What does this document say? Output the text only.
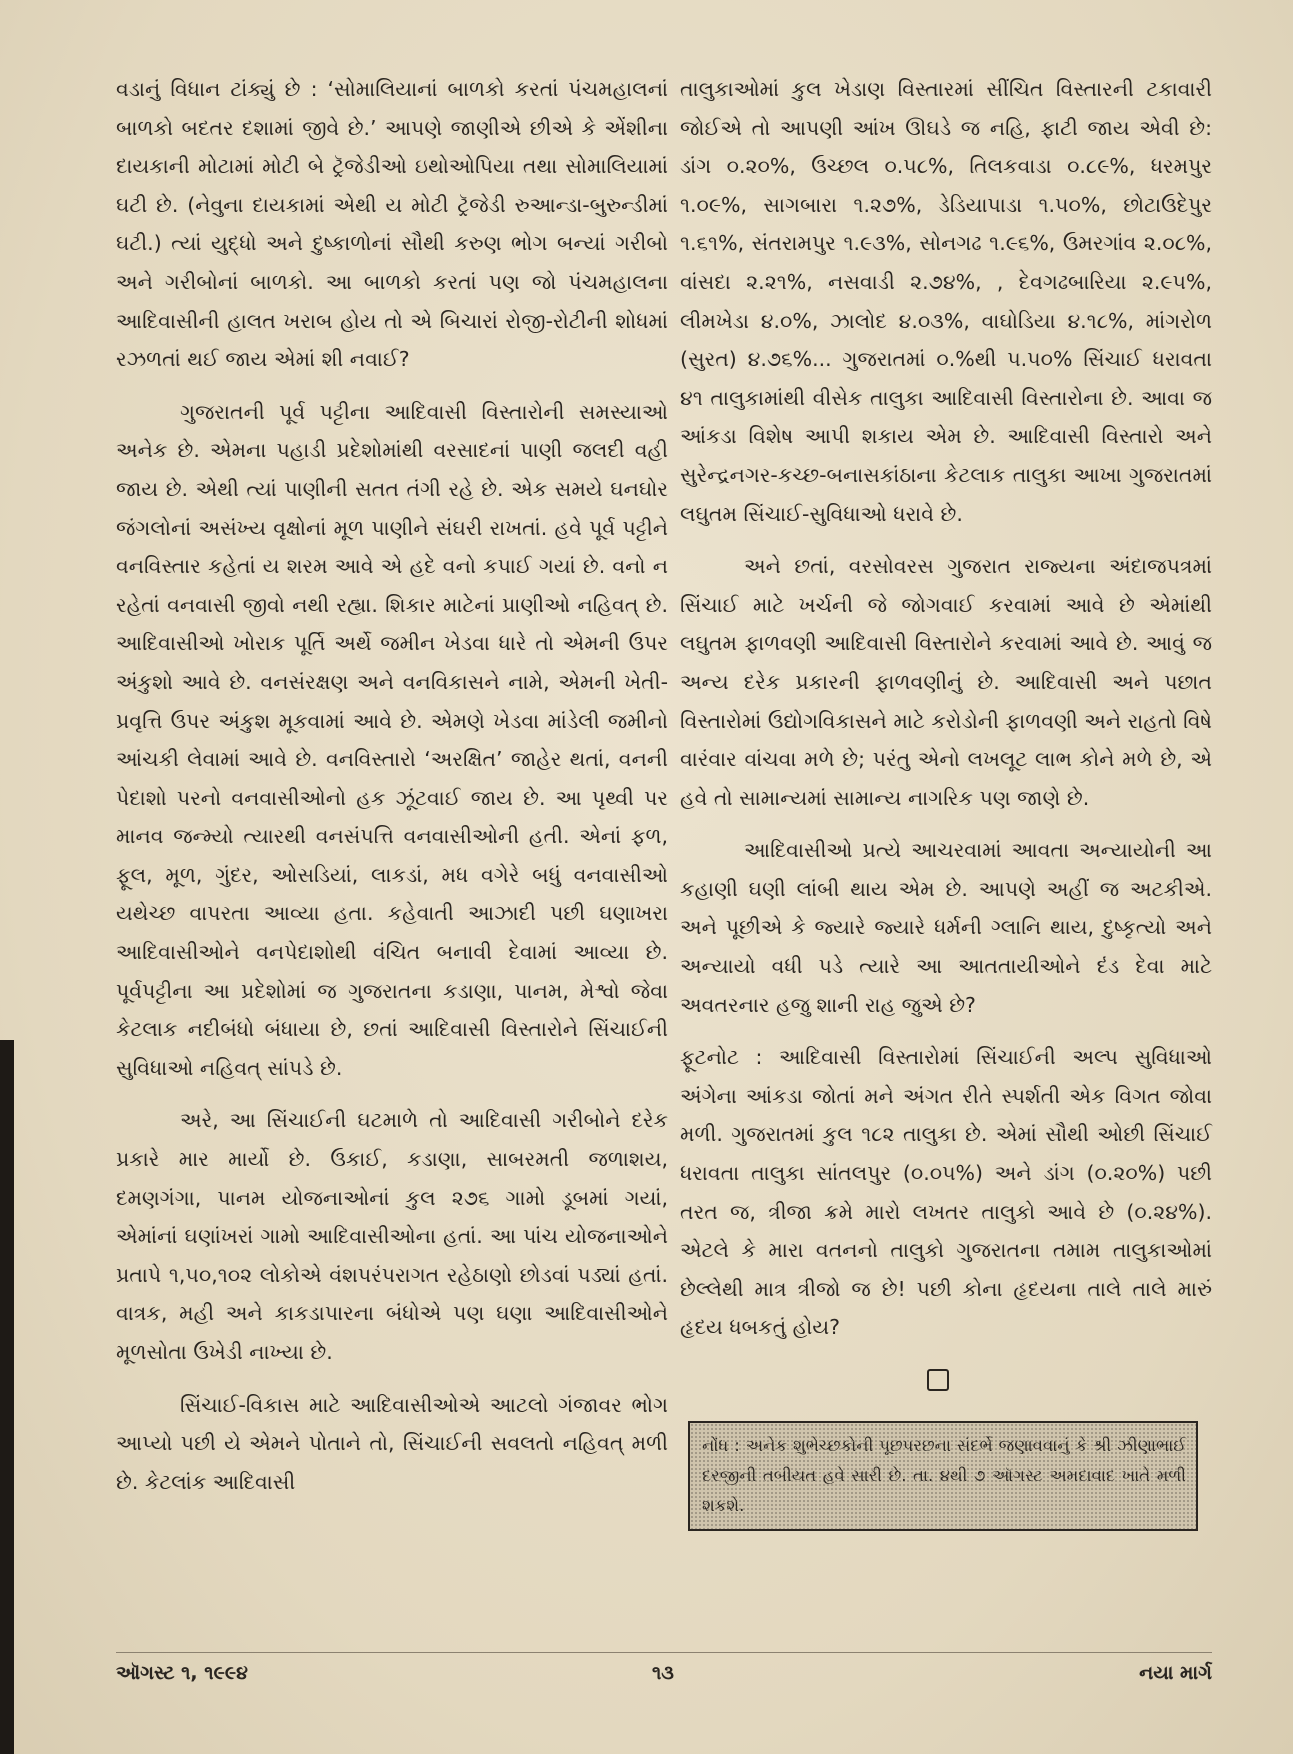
વડાનું વિધાન ટાંક્યું છે : ‘સોમાલિયાનાં બાળકો કરતાં પંચમહાલનાં બાળકો બદતર દશામાં જીવે છે.’ આપણે જાણીએ છીએ કે એંશીના દાયકાની મોટામાં મોટી બે ટ્રૅજેડીઓ ઇથોઓપિયા તથા સોમાલિયામાં ઘટી છે. (નેવુના દાયકામાં એથી ય મોટી ટ્રૅજેડી રુઆન્ડા-બુરુન્ડીમાં ઘટી.) ત્યાં યુદ્ધો અને દુષ્કાળોનાં સૌથી કરુણ ભોગ બન્યાં ગરીબો અને ગરીબોનાં બાળકો. આ બાળકો કરતાં પણ જો પંચમહાલના આદિવાસીની હાલત ખરાબ હોય તો એ બિચારાં રોજી-રોટીની શોધમાં રઝળતાં થઈ જાય એમાં શી નવાઈ?

ગુજરાતની પૂર્વ પટ્ટીના આદિવાસી વિસ્તારોની સમસ્યાઓ અનેક છે. એમના પહાડી પ્રદેશોમાંથી વરસાદનાં પાણી જલદી વહી જાય છે. એથી ત્યાં પાણીની સતત તંગી રહે છે. એક સમયે ઘનઘોર જંગલોનાં અસંખ્ય વૃક્ષોનાં મૂળ પાણીને સંઘરી રાખતાં. હવે પૂર્વ પટ્ટીને વનવિસ્તાર કહેતાં ય શરમ આવે એ હદે વનો કપાઈ ગયાં છે. વનો ન રહેતાં વનવાસી જીવો નથી રહ્યા. શિકાર માટેનાં પ્રાણીઓ નહિવત્ છે. આદિવાસીઓ ખોરાક પૂર્તિ અર્થે જમીન ખેડવા ધારે તો એમની ઉપર અંકુશો આવે છે. વનસંરક્ષણ અને વનવિકાસને નામે, એમની ખેતી-પ્રવૃત્તિ ઉપર અંકુશ મૂકવામાં આવે છે. એમણે ખેડવા માંડેલી જમીનો આંચકી લેવામાં આવે છે. વનવિસ્તારો ‘અરક્ષિત’ જાહેર થતાં, વનની પેદાશો પરનો વનવાસીઓનો હક ઝૂંટવાઈ જાય છે. આ પૃથ્વી પર માનવ જન્મ્યો ત્યારથી વનસંપત્તિ વનવાસીઓની હતી. એનાં ફળ, ફૂલ, મૂળ, ગુંદર, ઓસડિયાં, લાકડાં, મધ વગેરે બધું વનવાસીઓ યથેચ્છ વાપરતા આવ્યા હતા. કહેવાતી આઝાદી પછી ઘણાખરા આદિવાસીઓને વનપેદાશોથી વંચિત બનાવી દેવામાં આવ્યા છે. પૂર્વપટ્ટીના આ પ્રદેશોમાં જ ગુજરાતના કડાણા, પાનમ, મેશ્વો જેવા કેટલાક નદીબંધો બંધાયા છે, છતાં આદિવાસી વિસ્તારોને સિંચાઈની સુવિધાઓ નહિવત્ સાંપડે છે.

અરે, આ સિંચાઈની ઘટમાળે તો આદિવાસી ગરીબોને દરેક પ્રકારે માર માર્યો છે. ઉકાઈ, કડાણા, સાબરમતી જળાશય, દમણગંગા, પાનમ યોજનાઓનાં કુલ ૨૭૬ ગામો ડૂબમાં ગયાં, એમાંનાં ઘણાંખરાં ગામો આદિવાસીઓના હતાં. આ પાંચ યોજનાઓને પ્રતાપે ૧,૫૦,૧૦૨ લોકોએ વંશપરંપરાગત રહેઠાણો છોડવાં પડ્યાં હતાં. વાત્રક, મહી અને કાકડાપારના બંધોએ પણ ઘણા આદિવાસીઓને મૂળસોતા ઉખેડી નાખ્યા છે.

સિંચાઈ-વિકાસ માટે આદિવાસીઓએ આટલો ગંજાવર ભોગ આપ્યો પછી યે એમને પોતાને તો, સિંચાઈની સવલતો નહિવત્ મળી છે. કેટલાંક આદિવાસી

તાલુકાઓમાં કુલ ખેડાણ વિસ્તારમાં સીંચિત વિસ્તારની ટકાવારી જોઈએ તો આપણી આંખ ઊઘડે જ નહિ, ફાટી જાય એવી છે: ડાંગ ૦.૨૦%, ઉચ્છલ ૦.૫૮%, તિલકવાડા ૦.૮૯%, ધરમપુર ૧.૦૯%, સાગબારા ૧.૨૭%, ડેડિયાપાડા ૧.૫૦%, છોટાઉદેપુર ૧.૬૧%, સંતરામપુર ૧.૯૩%, સોનગઢ ૧.૯૬%, ઉમરગાંવ ૨.૦૮%, વાંસદા ૨.૨૧%, નસવાડી ૨.૭૪%, , દેવગઢબારિયા ૨.૯૫%, લીમખેડા ૪.૦%, ઝાલોદ ૪.૦૩%, વાઘોડિયા ૪.૧૮%, માંગરોળ (સુરત) ૪.૭૬%... ગુજરાતમાં ૦.%થી ૫.૫૦% સિંચાઈ ધરાવતા ૪૧ તાલુકામાંથી વીસેક તાલુકા આદિવાસી વિસ્તારોના છે. આવા જ આંકડા વિશેષ આપી શકાય એમ છે. આદિવાસી વિસ્તારો અને સુરેન્દ્રનગર-કચ્છ-બનાસકાંઠાના કેટલાક તાલુકા આખા ગુજરાતમાં લઘુતમ સિંચાઈ-સુવિધાઓ ધરાવે છે.

અને છતાં, વરસોવરસ ગુજરાત રાજ્યના અંદાજપત્રમાં સિંચાઈ માટે ખર્ચની જે જોગવાઈ કરવામાં આવે છે એમાંથી લઘુતમ ફાળવણી આદિવાસી વિસ્તારોને કરવામાં આવે છે. આવું જ અન્ય દરેક પ્રકારની ફાળવણીનું છે. આદિવાસી અને પછાત વિસ્તારોમાં ઉદ્યોગવિકાસને માટે કરોડોની ફાળવણી અને રાહતો વિષે વારંવાર વાંચવા મળે છે; પરંતુ એનો લખલૂટ લાભ કોને મળે છે, એ હવે તો સામાન્યમાં સામાન્ય નાગરિક પણ જાણે છે.

આદિવાસીઓ પ્રત્યે આચરવામાં આવતા અન્યાયોની આ કહાણી ઘણી લાંબી થાય એમ છે. આપણે અહીં જ અટકીએ. અને પૂછીએ કે જ્યારે જ્યારે ધર્મની ગ્લાનિ થાય, દુષ્કૃત્યો અને અન્યાયો વધી પડે ત્યારે આ આતતાયીઓને દંડ દેવા માટે અવતરનાર હજુ શાની રાહ જુએ છે?

ફૂટનોટ : આદિવાસી વિસ્તારોમાં સિંચાઈની અલ્પ સુવિધાઓ અંગેના આંકડા જોતાં મને અંગત રીતે સ્પર્શતી એક વિગત જોવા મળી. ગુજરાતમાં કુલ ૧૮૨ તાલુકા છે. એમાં સૌથી ઓછી સિંચાઈ ધરાવતા તાલુકા સાંતલપુર (૦.૦૫%) અને ડાંગ (૦.૨૦%) પછી તરત જ, ત્રીજા ક્રમે મારો લખતર તાલુકો આવે છે (૦.૨૪%). એટલે કે મારા વતનનો તાલુકો ગુજરાતના તમામ તાલુકાઓમાં છેલ્લેથી માત્ર ત્રીજો જ છે! પછી કોના હૃદયના તાલે તાલે મારું હૃદય ધબકતું હોય?

નોંધ : અનેક શુભેચ્છકોની પૂછપરછના સંદર્ભે જણાવવાનું કે શ્રી ઝીણાભાઈ દરજીની તબીયત હવે સારી છે. તા. ૪થી ૭ ઑગસ્ટ અમદાવાદ ખાતે મળી શકશે.
ઑગસ્ટ ૧, ૧૯૯૪	૧૩	નયા માર્ગ
